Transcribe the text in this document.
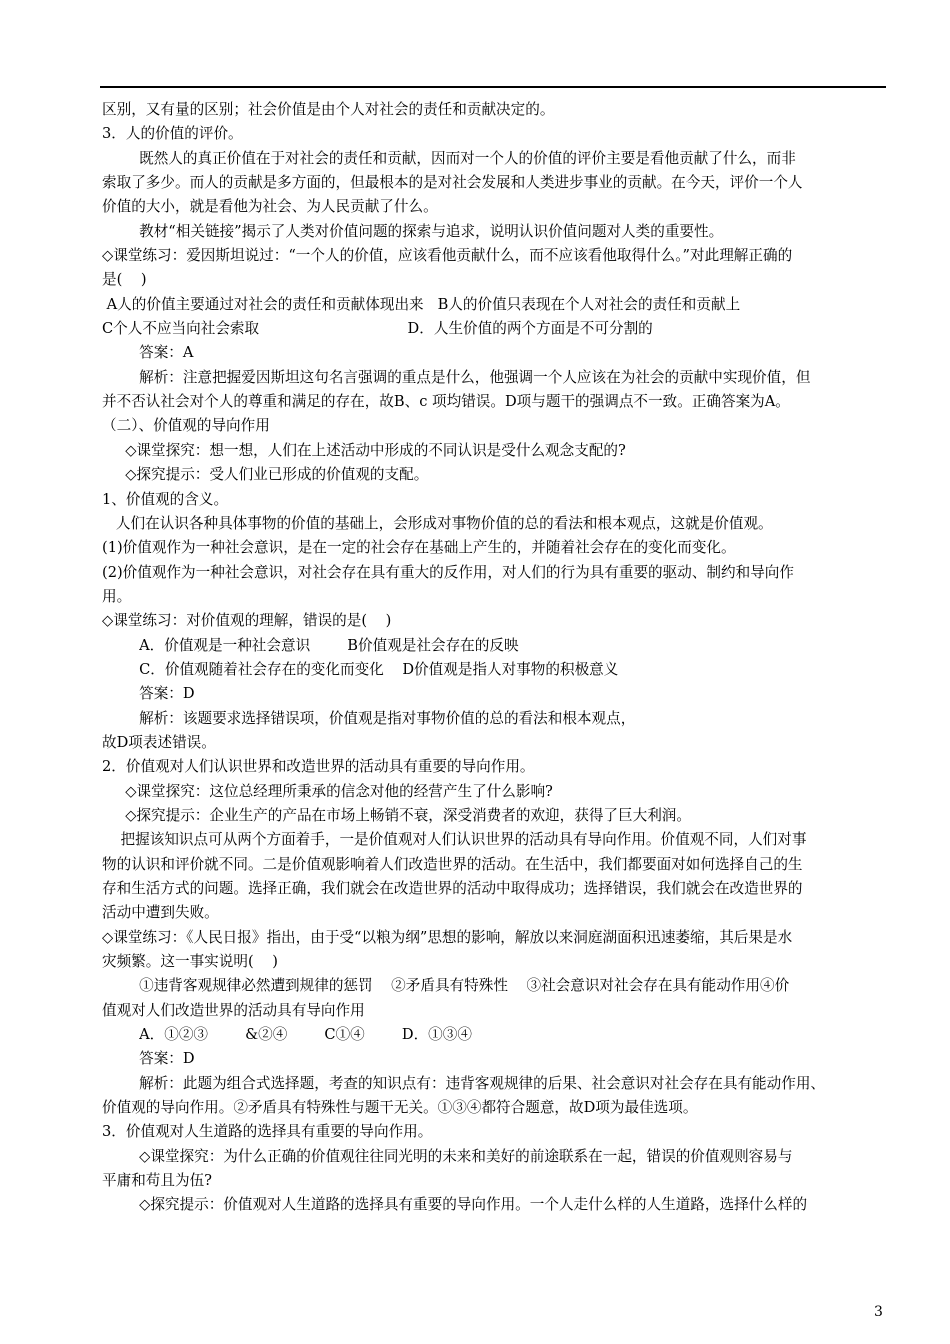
区别，又有量的区别；社会价值是由个人对社会的责任和贡献决定的。
3．人的价值的评价。
既然人的真正价值在于对社会的责任和贡献，因而对一个人的价值的评价主要是看他贡献了什么，而非
索取了多少。而人的贡献是多方面的，但最根本的是对社会发展和人类进步事业的贡献。在今天，评价一个人
价值的大小，就是看他为社会、为人民贡献了什么。
教材“相关链接”揭示了人类对价值问题的探索与追求，说明认识价值问题对人类的重要性。
◇课堂练习：爱因斯坦说过：“一个人的价值，应该看他贡献什么，而不应该看他取得什么。”对此理解正确的
是(    )
A人的价值主要通过对社会的责任和贡献体现出来   B人的价值只表现在个人对社会的责任和贡献上
C个人不应当向社会索取                                D．人生价值的两个方面是不可分割的
答案：A
解析：注意把握爱因斯坦这句名言强调的重点是什么，他强调一个人应该在为社会的贡献中实现价值，但
并不否认社会对个人的尊重和满足的存在，故B、c 项均错误。D项与题干的强调点不一致。正确答案为A。
（二）、价值观的导向作用
◇课堂探究：想一想，人们在上述活动中形成的不同认识是受什么观念支配的?
◇探究提示：受人们业已形成的价值观的支配。
1、价值观的含义。
人们在认识各种具体事物的价值的基础上，会形成对事物价值的总的看法和根本观点，这就是价值观。
(1)价值观作为一种社会意识，是在一定的社会存在基础上产生的，并随着社会存在的变化而变化。
(2)价值观作为一种社会意识，对社会存在具有重大的反作用，对人们的行为具有重要的驱动、制约和导向作
用。
◇课堂练习：对价值观的理解，错误的是(    )
A．价值观是一种社会意识        B价值观是社会存在的反映
C．价值观随着社会存在的变化而变化    D价值观是指人对事物的积极意义
答案：D
解析：该题要求选择错误项，价值观是指对事物价值的总的看法和根本观点，
故D项表述错误。
2．价值观对人们认识世界和改造世界的活动具有重要的导向作用。
◇课堂探究：这位总经理所秉承的信念对他的经营产生了什么影响?
◇探究提示：企业生产的产品在市场上畅销不衰，深受消费者的欢迎，获得了巨大利润。
把握该知识点可从两个方面着手，一是价值观对人们认识世界的活动具有导向作用。价值观不同，人们对事
物的认识和评价就不同。二是价值观影响着人们改造世界的活动。在生活中，我们都要面对如何选择自己的生
存和生活方式的问题。选择正确，我们就会在改造世界的活动中取得成功；选择错误，我们就会在改造世界的
活动中遭到失败。
◇课堂练习：《人民日报》指出，由于受“以粮为纲”思想的影响，解放以来洞庭湖面积迅速萎缩，其后果是水
灾频繁。这一事实说明(    )
①违背客观规律必然遭到规律的惩罚    ②矛盾具有特殊性    ③社会意识对社会存在具有能动作用④价
值观对人们改造世界的活动具有导向作用
A．①②③        &②④        C①④        D．①③④
答案：D
解析：此题为组合式选择题，考查的知识点有：违背客观规律的后果、社会意识对社会存在具有能动作用、
价值观的导向作用。②矛盾具有特殊性与题干无关。①③④都符合题意，故D项为最佳选项。
3．价值观对人生道路的选择具有重要的导向作用。
◇课堂探究：为什么正确的价值观往往同光明的未来和美好的前途联系在一起，错误的价值观则容易与
平庸和苟且为伍?
◇探究提示：价值观对人生道路的选择具有重要的导向作用。一个人走什么样的人生道路，选择什么样的
3
